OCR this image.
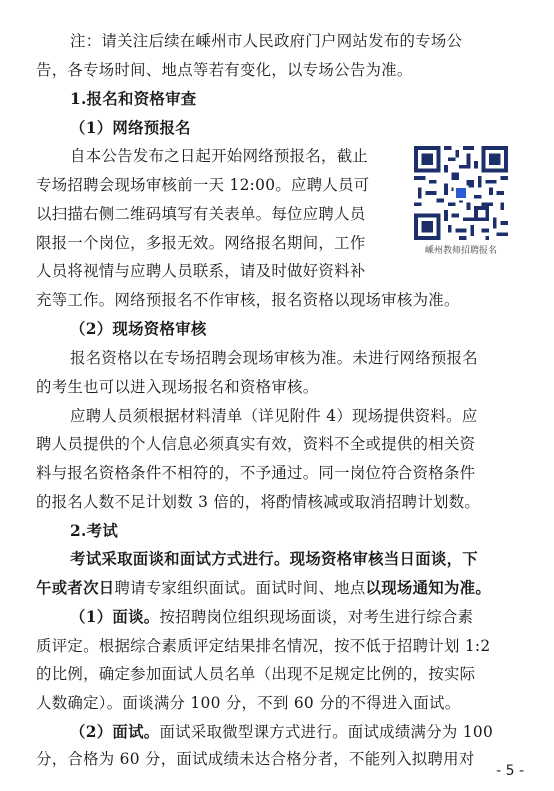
注：请关注后续在嵊州市人民政府门户网站发布的专场公
告，各专场时间、地点等若有变化，以专场公告为准。
1.报名和资格审查
（1）网络预报名
自本公告发布之日起开始网络预报名，截止
专场招聘会现场审核前一天 12:00。应聘人员可
以扫描右侧二维码填写有关表单。每位应聘人员
限报一个岗位，多报无效。网络报名期间，工作
人员将视情与应聘人员联系，请及时做好资料补
充等工作。网络预报名不作审核，报名资格以现场审核为准。
嵊州教师招聘报名
（2）现场资格审核
报名资格以在专场招聘会现场审核为准。未进行网络预报名
的考生也可以进入现场报名和资格审核。
应聘人员须根据材料清单（详见附件 4）现场提供资料。应
聘人员提供的个人信息必须真实有效，资料不全或提供的相关资
料与报名资格条件不相符的，不予通过。同一岗位符合资格条件
的报名人数不足计划数 3 倍的，将酌情核减或取消招聘计划数。
2.考试
考试采取面谈和面试方式进行。现场资格审核当日面谈，下
午或者次日聘请专家组织面试。面试时间、地点以现场通知为准。
（1）面谈。按招聘岗位组织现场面谈，对考生进行综合素
质评定。根据综合素质评定结果排名情况，按不低于招聘计划 1:2
的比例，确定参加面试人员名单（出现不足规定比例的，按实际
人数确定）。面谈满分 100 分，不到 60 分的不得进入面试。
（2）面试。面试采取微型课方式进行。面试成绩满分为 100
分，合格为 60 分，面试成绩未达合格分者，不能列入拟聘用对
- 5 -
